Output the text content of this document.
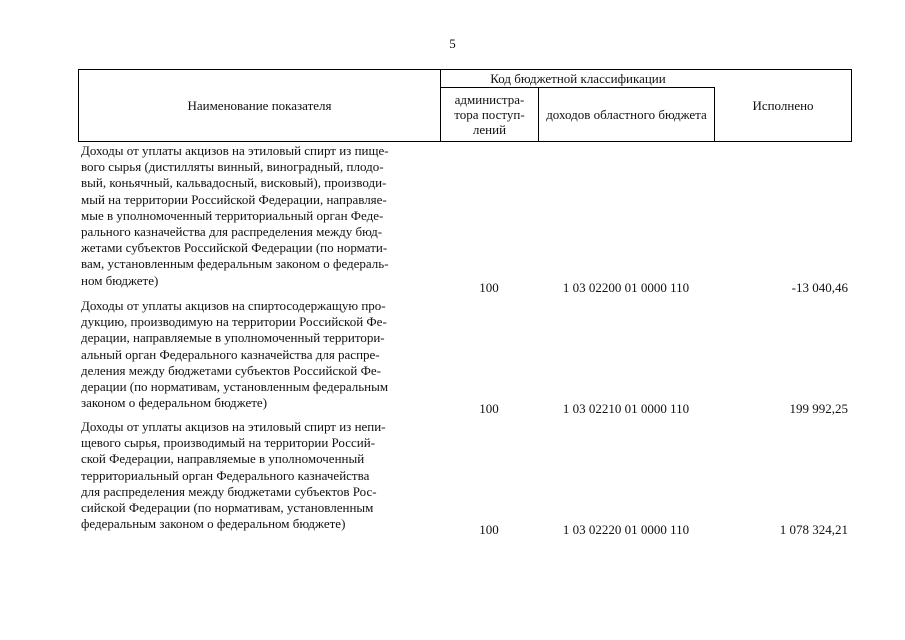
5
Наименование показателя
Код бюджетной классификации
администра-тора поступ-лений
доходов областного бюджета
Исполнено
Доходы от уплаты акцизов на этиловый спирт из пище-
вого сырья (дистилляты винный, виноградный, плодо-
вый, коньячный, кальвадосный, висковый), производи-
мый на территории Российской Федерации, направляе-
мые в уполномоченный территориальный орган Феде-
рального казначейства для распределения между бюд-
жетами субъектов Российской Федерации (по нормати-
вам, установленным федеральным законом о федераль-
ном бюджете)	100	1 03 02200 01 0000 110	-13 040,46
Доходы от уплаты акцизов на спиртосодержащую про-
дукцию, производимую на территории Российской Фе-
дерации, направляемые в уполномоченный территори-
альный орган Федерального казначейства для распре-
деления между бюджетами субъектов Российской Фе-
дерации (по нормативам, установленным федеральным
законом о федеральном бюджете)	100	1 03 02210 01 0000 110	199 992,25
Доходы от уплаты акцизов на этиловый спирт из непи-
щевого сырья, производимый на территории Россий-
ской Федерации, направляемые в уполномоченный
территориальный орган Федерального казначейства
для распределения между бюджетами субъектов Рос-
сийской Федерации (по нормативам, установленным
федеральным законом о федеральном бюджете)	100	1 03 02220 01 0000 110	1 078 324,21
